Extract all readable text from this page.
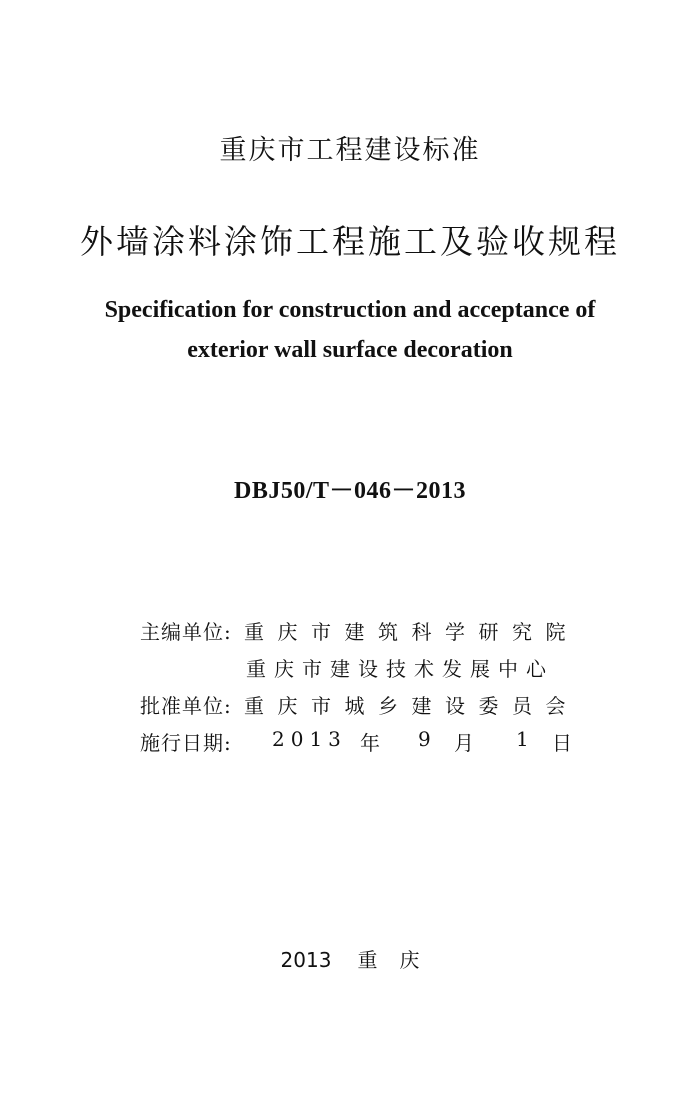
重庆市工程建设标准
外墙涂料涂饰工程施工及验收规程
Specification for construction and acceptance of
exterior wall surface decoration
DBJ50/T－046－2013
主编单位: 重庆市建筑科学研究院
重庆市建设技术发展中心
批准单位: 重庆市城乡建设委员会
施行日期: 2013 年 9 月 1 日
2013 重 庆
